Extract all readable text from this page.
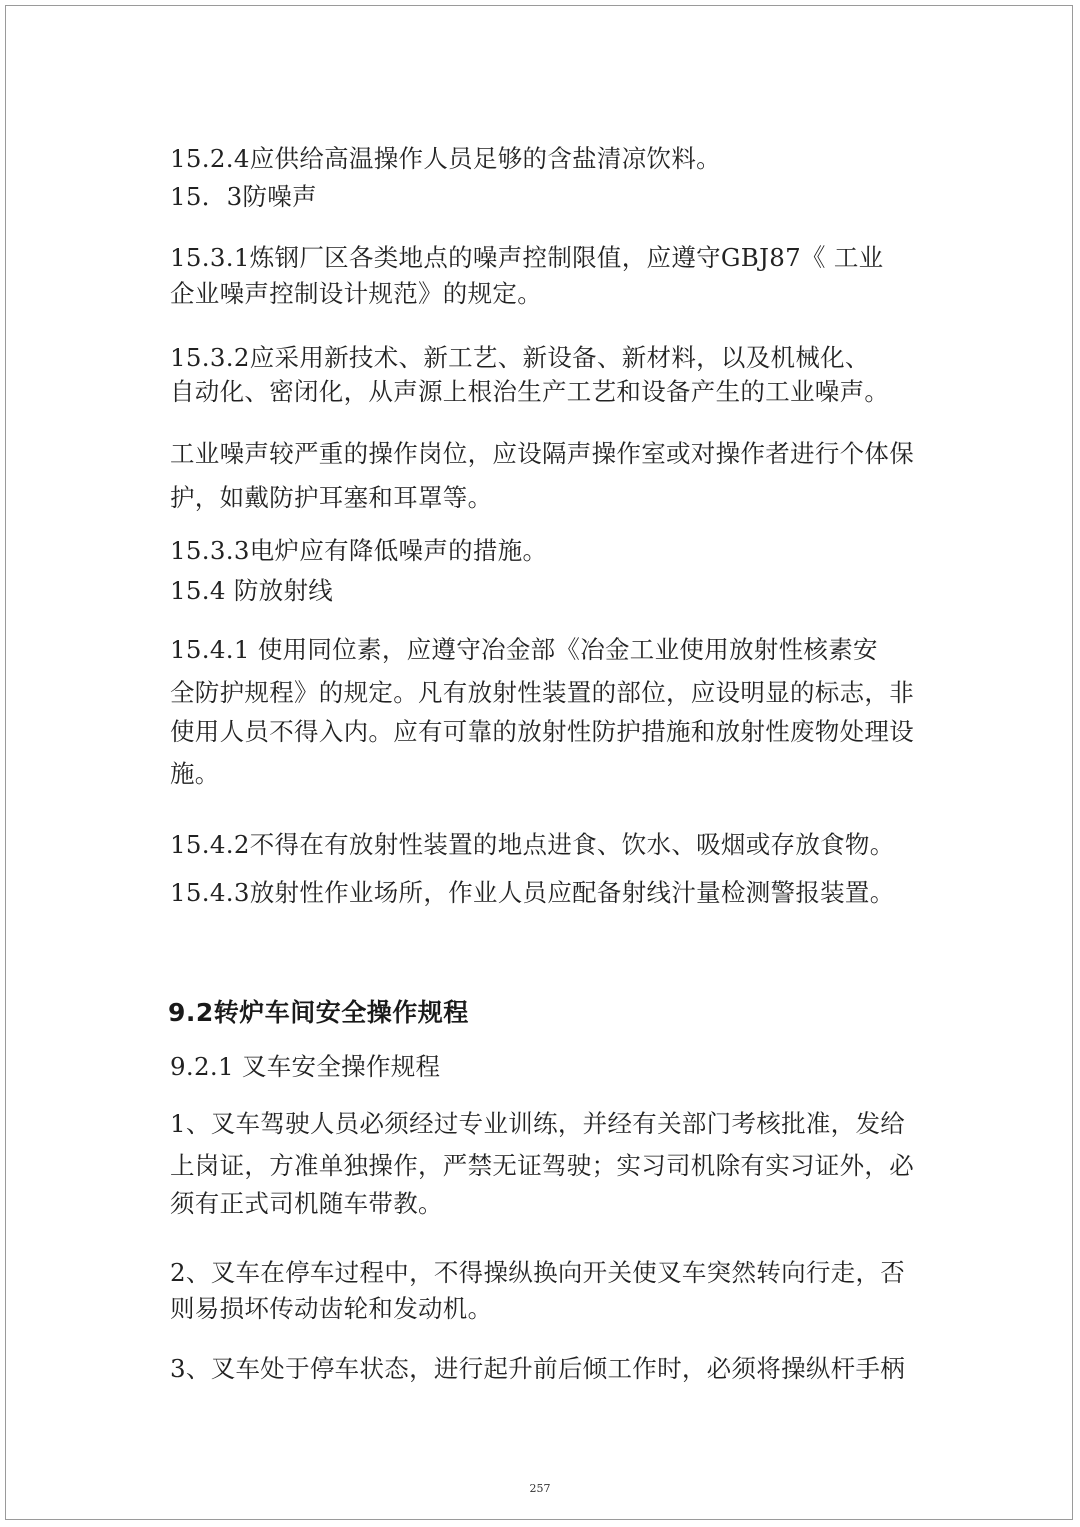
15.2.4应供给高温操作人员足够的含盐清凉饮料。
15．3防噪声
15.3.1炼钢厂区各类地点的噪声控制限值，应遵守GBJ87《 工业
企业噪声控制设计规范》的规定。
15.3.2应采用新技术、新工艺、新设备、新材料，以及机械化、
自动化、密闭化，从声源上根治生产工艺和设备产生的工业噪声。
工业噪声较严重的操作岗位，应设隔声操作室或对操作者进行个体保
护，如戴防护耳塞和耳罩等。
15.3.3电炉应有降低噪声的措施。
15.4 防放射线
15.4.1 使用同位素，应遵守冶金部《冶金工业使用放射性核素安
全防护规程》的规定。凡有放射性装置的部位，应设明显的标志，非
使用人员不得入内。应有可靠的放射性防护措施和放射性废物处理设
施。
15.4.2不得在有放射性装置的地点进食、饮水、吸烟或存放食物。
15.4.3放射性作业场所，作业人员应配备射线汁量检测警报装置。
9.2转炉车间安全操作规程
9.2.1 叉车安全操作规程
1、叉车驾驶人员必须经过专业训练，并经有关部门考核批准，发给
上岗证，方准单独操作，严禁无证驾驶；实习司机除有实习证外，必
须有正式司机随车带教。
2、叉车在停车过程中，不得操纵换向开关使叉车突然转向行走，否
则易损坏传动齿轮和发动机。
3、叉车处于停车状态，进行起升前后倾工作时，必须将操纵杆手柄
257
